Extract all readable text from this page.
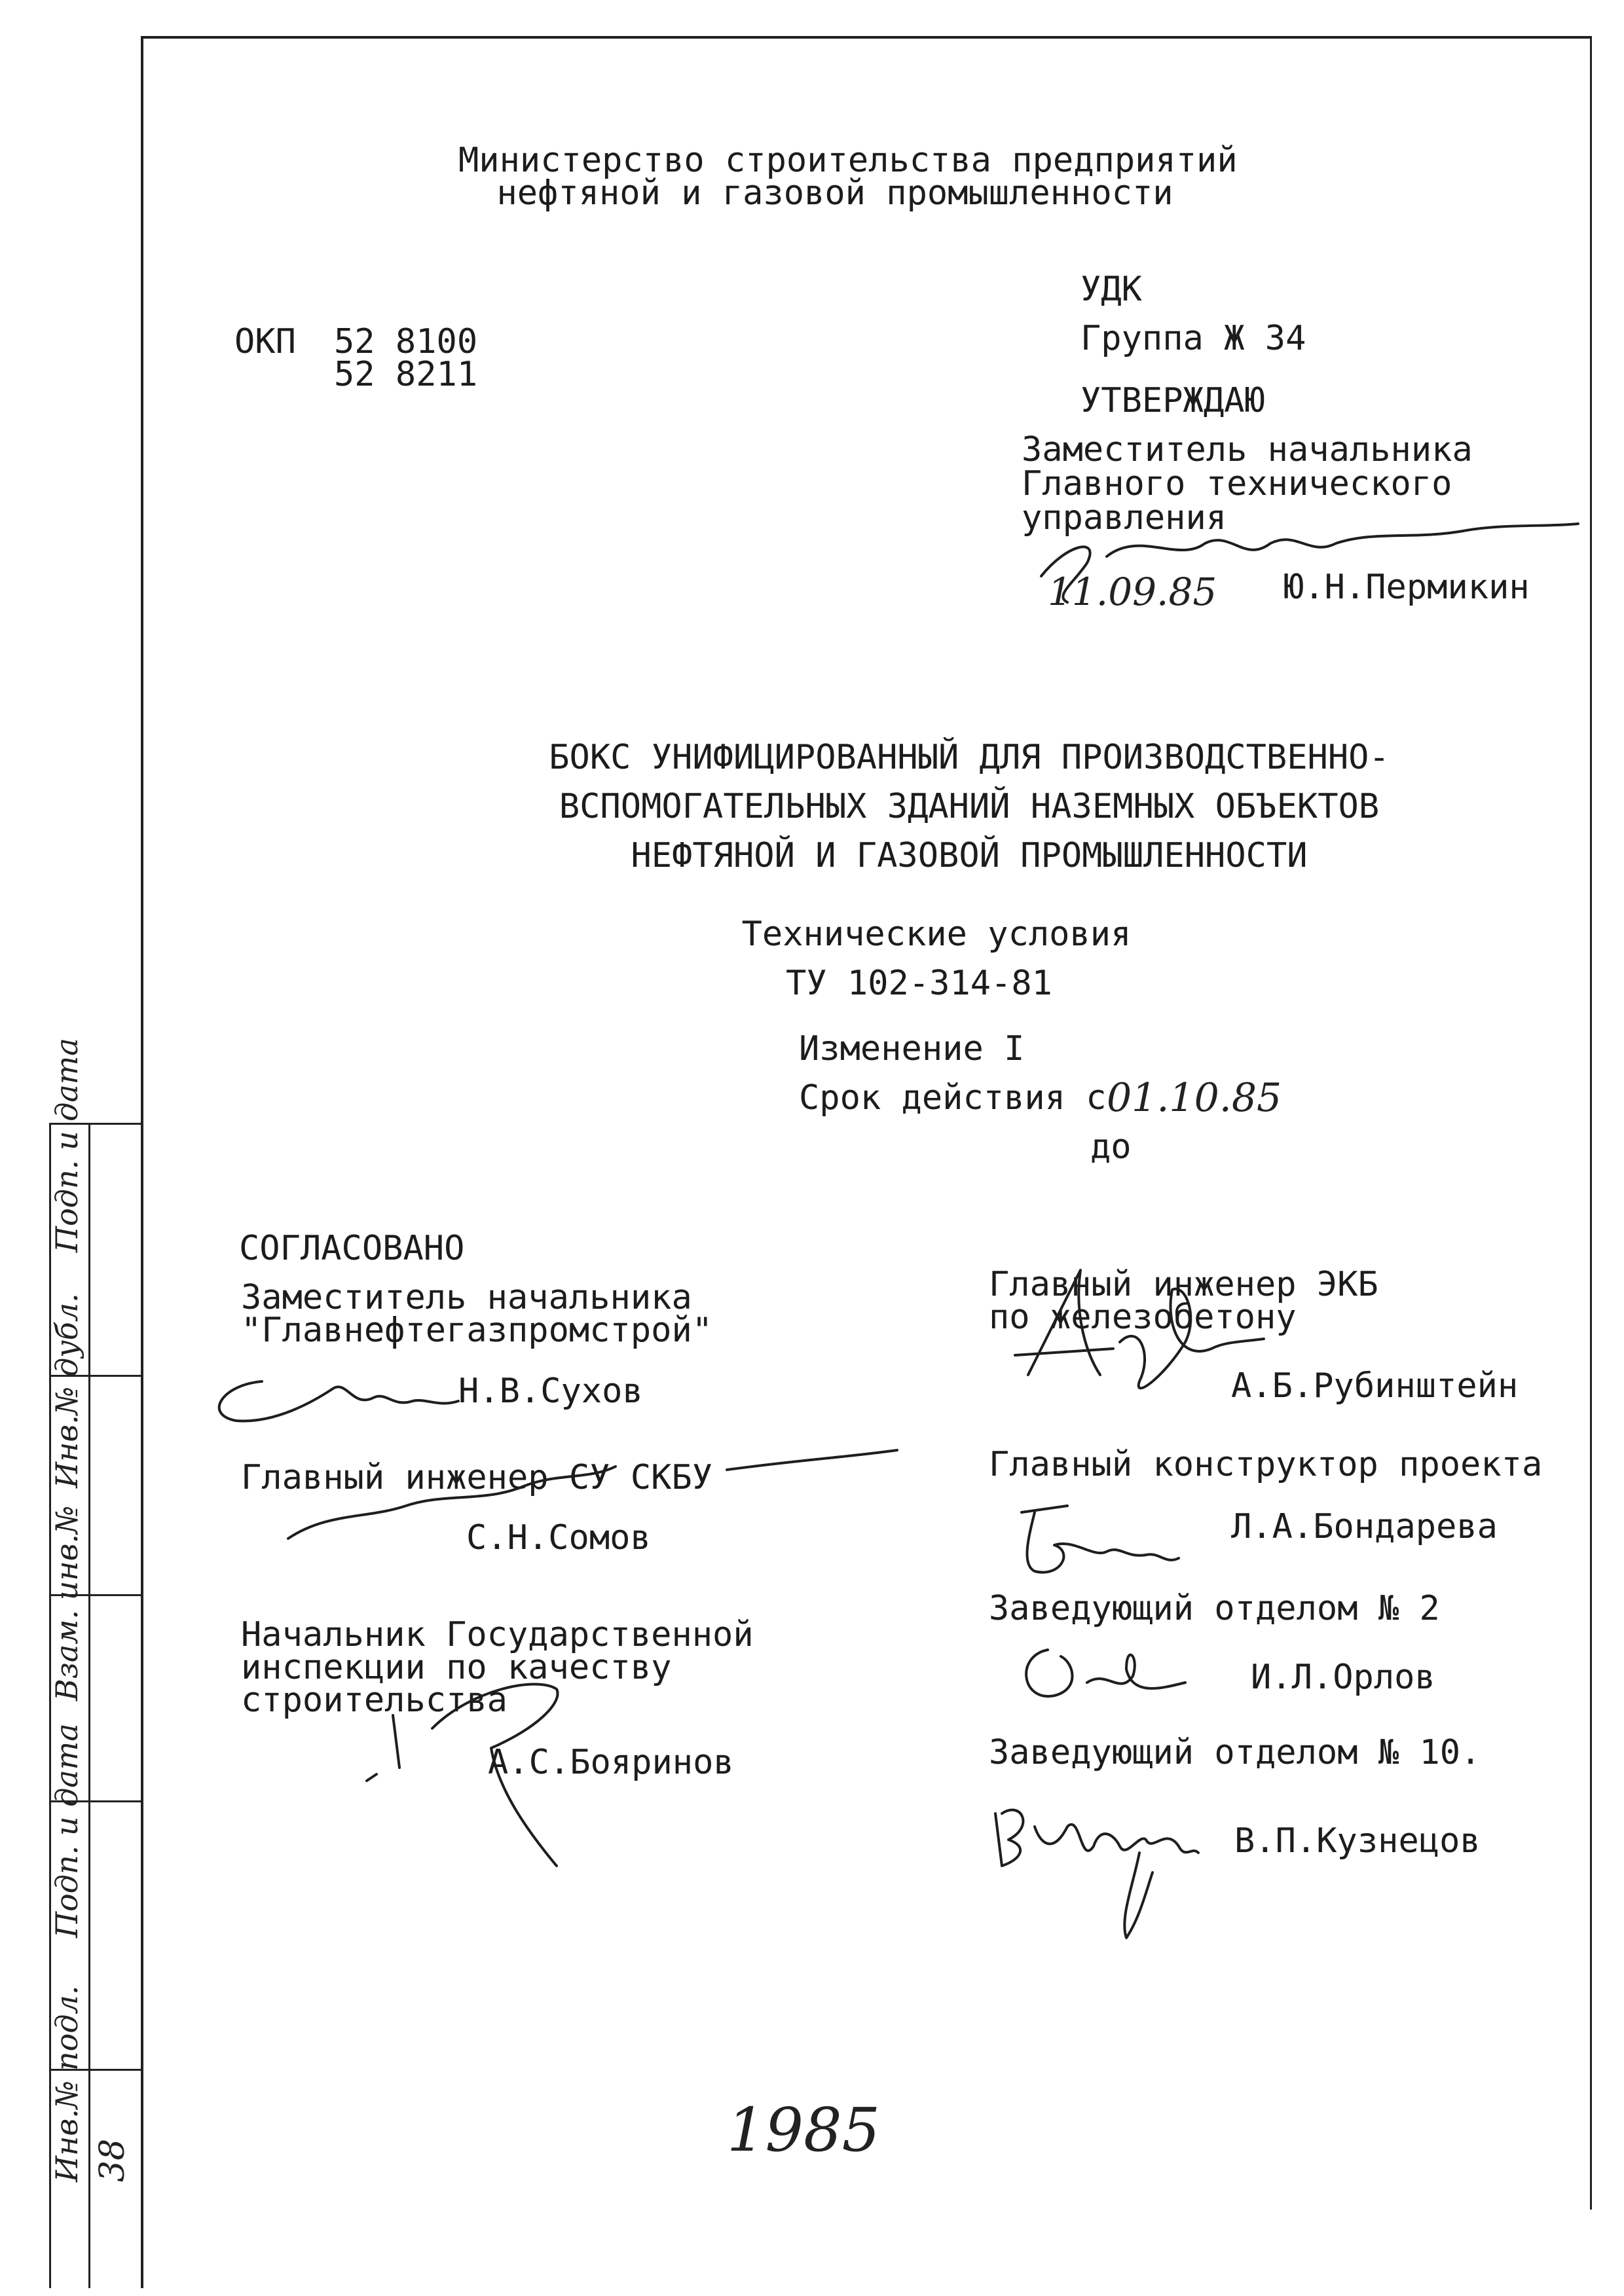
Подп. и дата
Инв.№ дубл.
Взам. инв.№
Подп. и дата
Инв.№ подл. 38
Министерство строительства предприятий
нефтяной и газовой промышленности
УДК
ОКП 52 8100
52 8211
Группа Ж 34
УТВЕРЖДАЮ
Заместитель начальника
Главного технического
управления
11.09.85 Ю.Н.Пермикин
БОКС УНИФИЦИРОВАННЫЙ ДЛЯ ПРОИЗВОДСТВЕННО-
ВСПОМОГАТЕЛЬНЫХ ЗДАНИЙ НАЗЕМНЫХ ОБЪЕКТОВ
НЕФТЯНОЙ И ГАЗОВОЙ ПРОМЫШЛЕННОСТИ
Технические условия
ТУ 102-314-81
Изменение I
Срок действия с 01.10.85
до
СОГЛАСОВАНО
Заместитель начальника
"Главнефтегазпромстрой"
Н.В.Сухов
Главный инженер СУ СКБУ
С.Н.Сомов
Начальник Государственной
инспекции по качеству
строительства
А.С.Бояринов
Главный инженер ЭКБ
по железобетону
А.Б.Рубинштейн
Главный конструктор проекта
Л.А.Бондарева
Заведующий отделом № 2
И.Л.Орлов
Заведующий отделом № 10.
В.П.Кузнецов
1985
